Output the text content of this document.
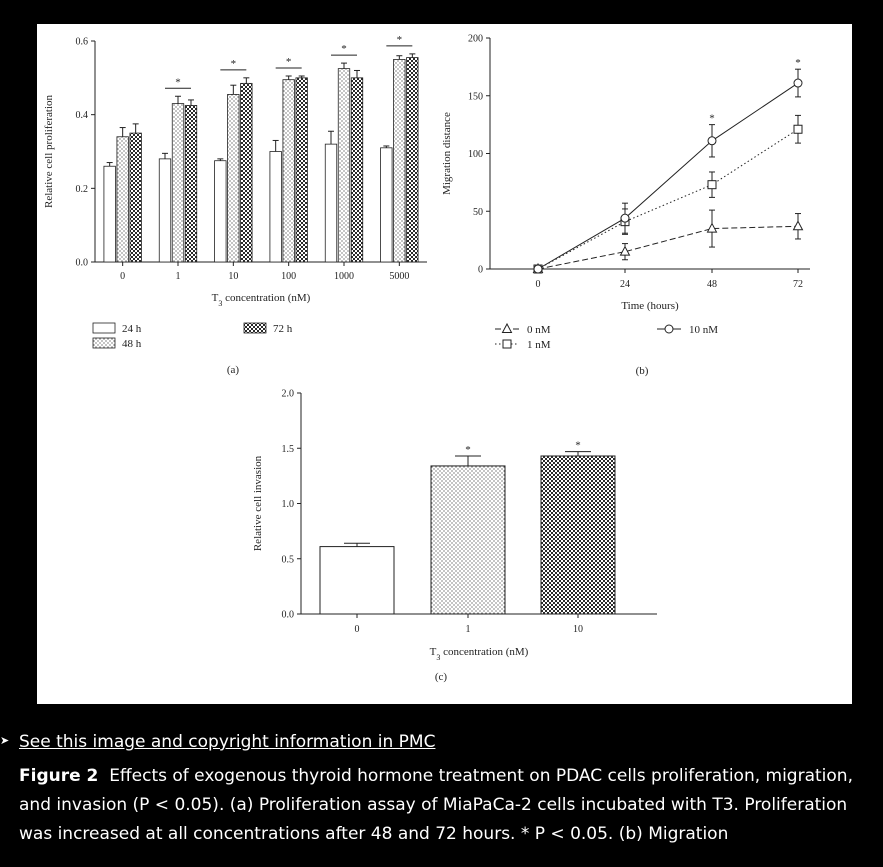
0.0
0.2
0.4
0.6
Relative cell proliferation
0	1	10	100	1000	5000
*
*	*
*
*
$T_3$ concentration (nM)
24 h
48 h
72 h
(a)
0
50
100
150
200
0	24	48	72
Migration distance
Time (hours)
*
*
0 nM
1 nM
10 nM
(b)
0.0
0.5
1.0
1.5
2.0
Relative cell invasion
0	1	10
*	*
$T_3$ concentration (nM)
(c)
➤ See this image and copyright information in PMC

Figure 2 Effects of exogenous thyroid hormone treatment on PDAC cells proliferation, migration, and invasion (P < 0.05). (a) Proliferation assay of MiaPaCa-2 cells incubated with T3. Proliferation was increased at all concentrations after 48 and 72 hours. * P < 0.05. (b) Migration
